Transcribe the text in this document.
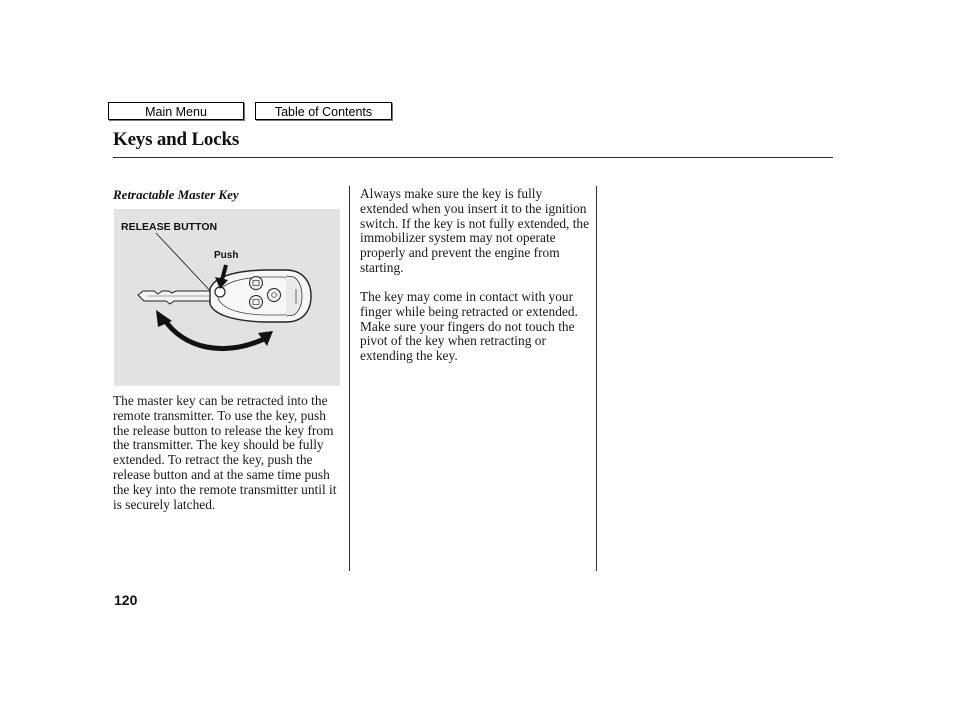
Main Menu	Table of Contents
Keys and Locks
Retractable Master Key
RELEASE BUTTON
Push

The master key can be retracted into the remote transmitter. To use the key, push the release button to release the key from the transmitter. The key should be fully extended. To retract the key, push the release button and at the same time push the key into the remote transmitter until it is securely latched.

Always make sure the key is fully extended when you insert it to the ignition switch. If the key is not fully extended, the immobilizer system may not operate properly and prevent the engine from starting.

The key may come in contact with your finger while being retracted or extended. Make sure your fingers do not touch the pivot of the key when retracting or extending the key.

120
